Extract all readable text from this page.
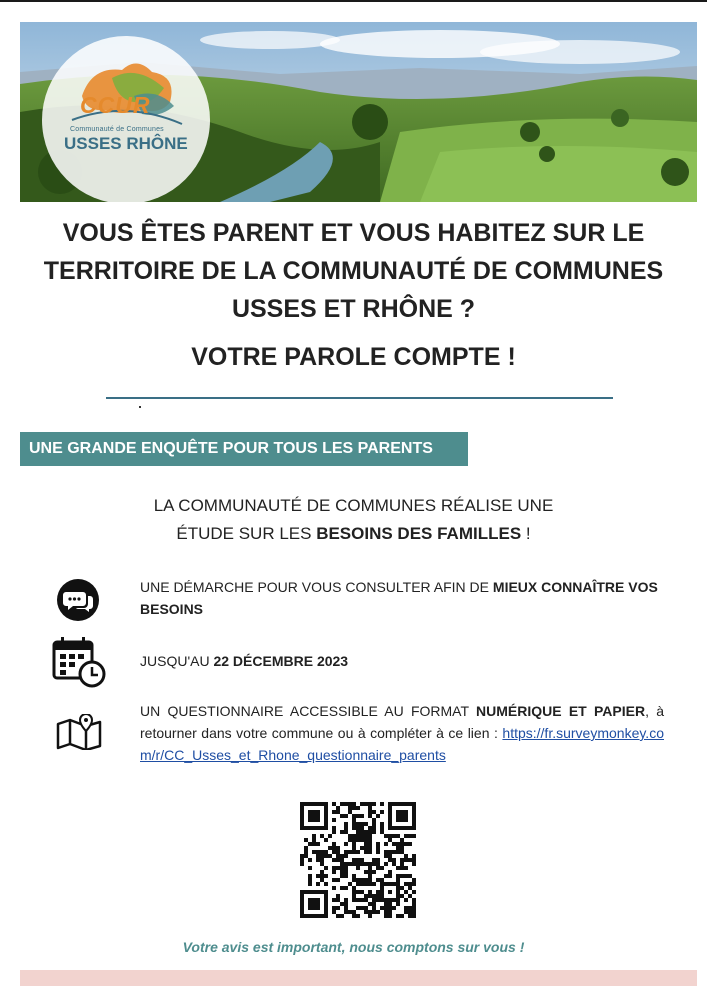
CCUR
Communauté de Communes
USSES RHÔNE
VOUS ÊTES PARENT ET VOUS HABITEZ SUR LE
TERRITOIRE DE LA COMMUNAUTÉ DE COMMUNES
USSES ET RHÔNE ?
VOTRE PAROLE COMPTE !
UNE GRANDE ENQUÊTE POUR TOUS LES PARENTS
LA COMMUNAUTÉ DE COMMUNES RÉALISE UNE
ÉTUDE SUR LES BESOINS DES FAMILLES !
UNE DÉMARCHE POUR VOUS CONSULTER AFIN DE MIEUX CONNAÎTRE VOS BESOINS
JUSQU'AU 22 DÉCEMBRE 2023
UN QUESTIONNAIRE ACCESSIBLE AU FORMAT NUMÉRIQUE ET PAPIER, à retourner dans votre commune ou à compléter à ce lien : https://fr.surveymonkey.com/r/CC_Usses_et_Rhone_questionnaire_parents
Votre avis est important, nous comptons sur vous !
